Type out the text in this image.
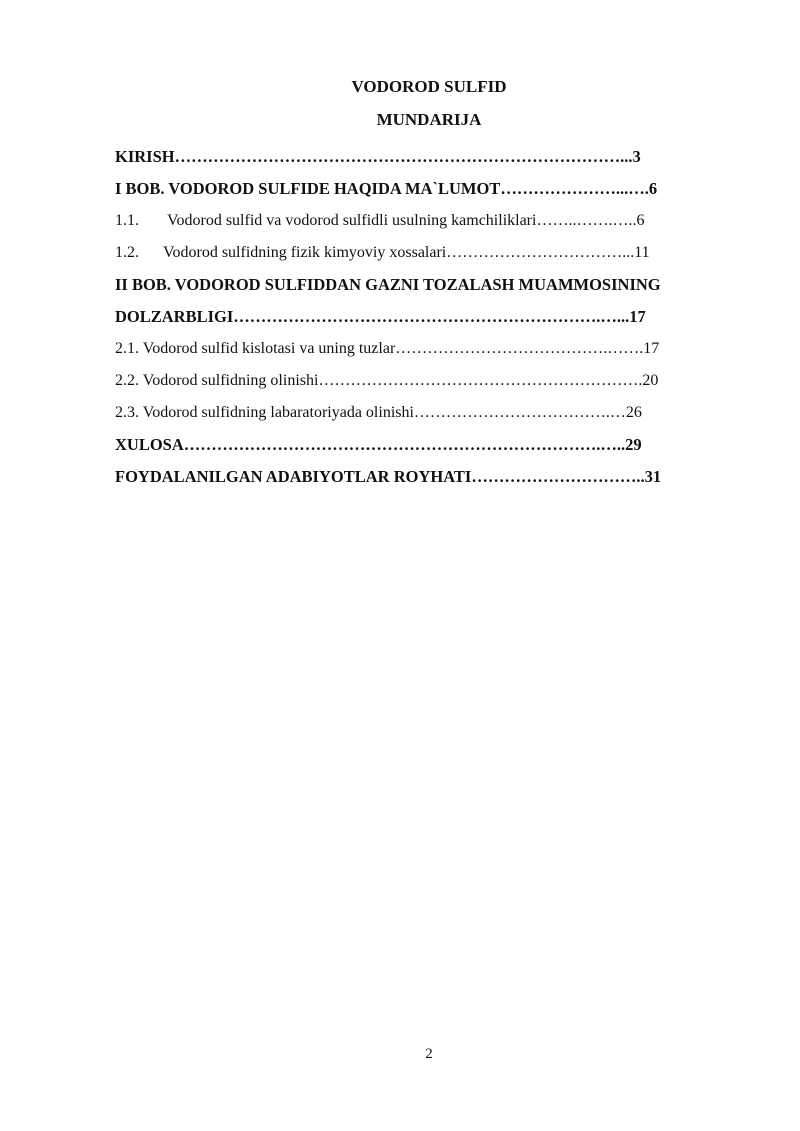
VODOROD SULFID
MUNDARIJA
KIRISH………………………………………………………………………...3
I BOB. VODOROD SULFIDE HAQIDA MA`LUMOT…………………...….6
1.1. Vodorod sulfid va vodorod sulfidli usulning kamchiliklari……..…….…..6
1.2. Vodorod sulfidning fizik kimyoviy xossalari……………………………...11
II BOB. VODOROD SULFIDDAN GAZNI TOZALASH MUAMMOSINING
DOLZARBLIGI………………………………………………………….…...17
2.1. Vodorod sulfid kislotasi va uning tuzlar………………………………….…….17
2.2. Vodorod sulfidning olinishi…………………………………………………….20
2.3. Vodorod sulfidning labaratoriyada olinishi……………………………….…26
XULOSA………………………………………………………………….…..29
FOYDALANILGAN ADABIYOTLAR ROYHATI…………………………..31
2
